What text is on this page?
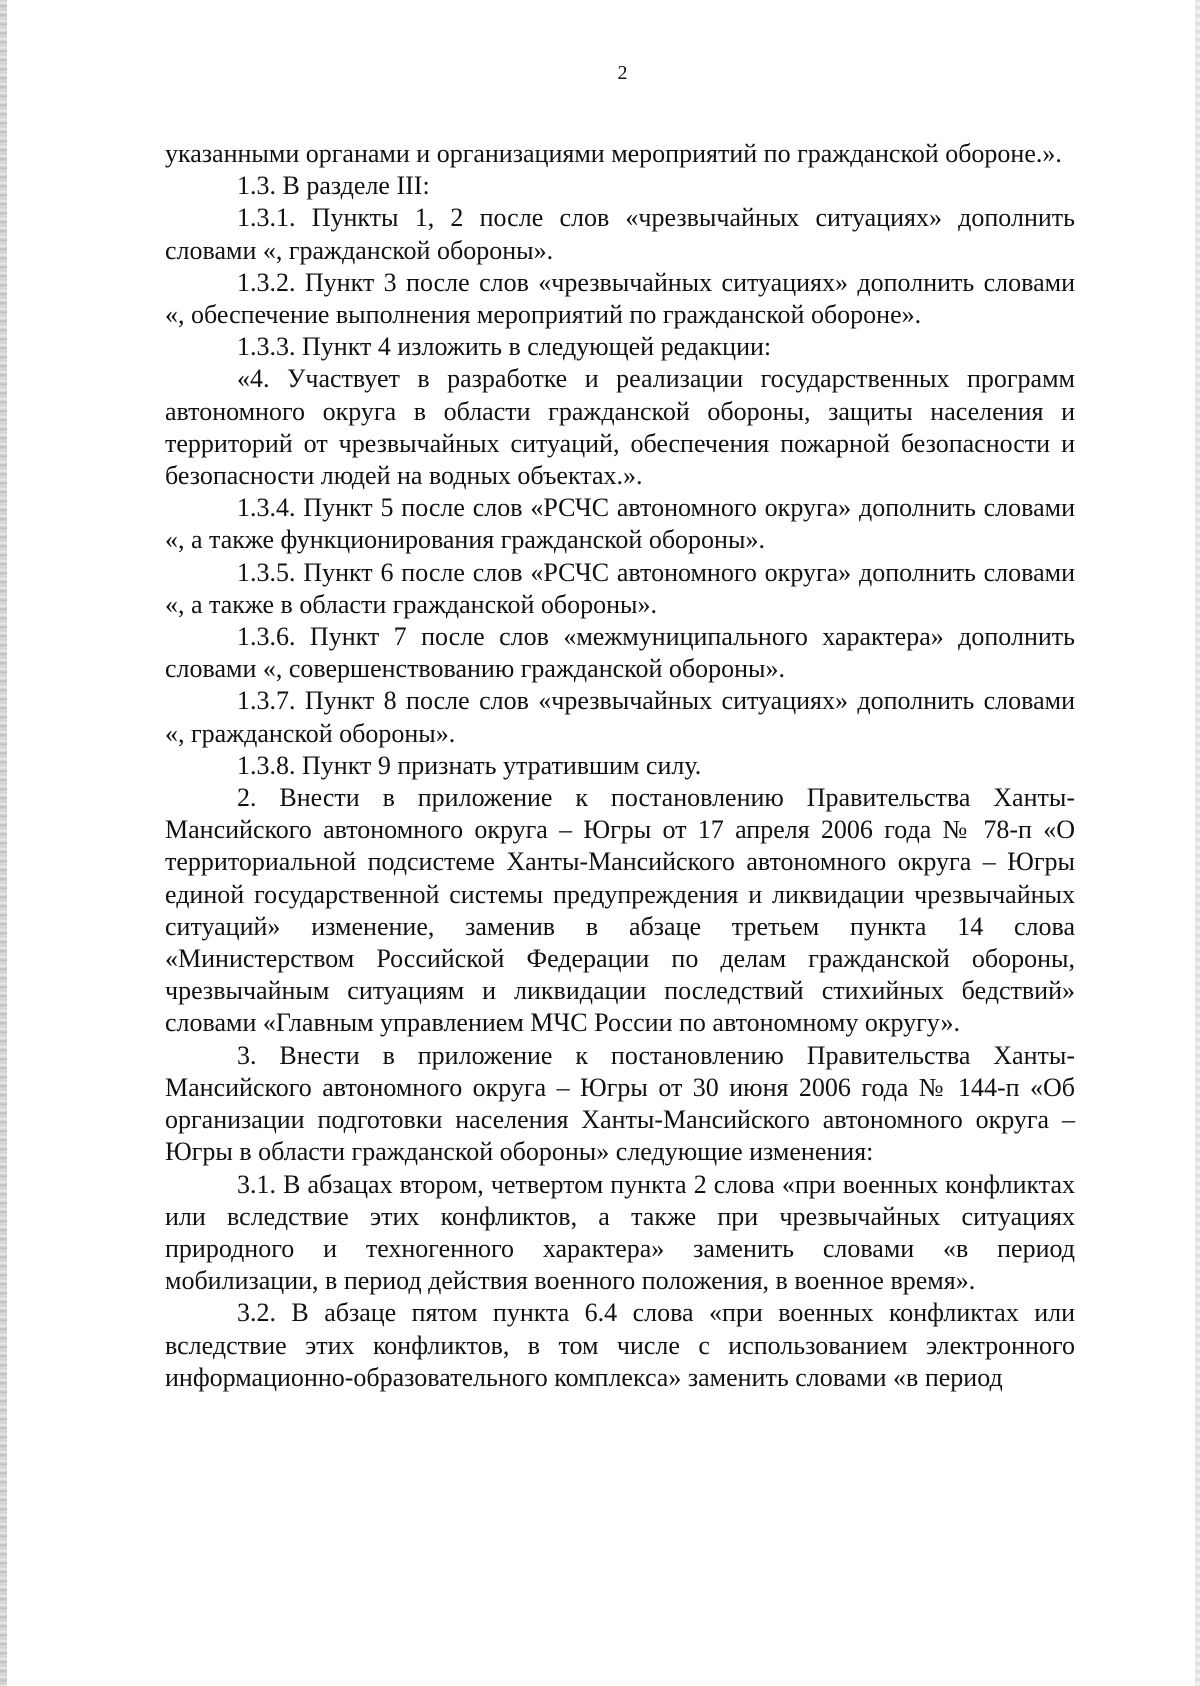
2

указанными органами и организациями мероприятий по гражданской обороне.».

1.3. В разделе III:

1.3.1. Пункты 1, 2 после слов «чрезвычайных ситуациях» дополнить словами «, гражданской обороны».

1.3.2. Пункт 3 после слов «чрезвычайных ситуациях» дополнить словами «, обеспечение выполнения мероприятий по гражданской обороне».

1.3.3. Пункт 4 изложить в следующей редакции:

«4. Участвует в разработке и реализации государственных программ автономного округа в области гражданской обороны, защиты населения и территорий от чрезвычайных ситуаций, обеспечения пожарной безопасности и безопасности людей на водных объектах.».

1.3.4. Пункт 5 после слов «РСЧС автономного округа» дополнить словами «, а также функционирования гражданской обороны».

1.3.5. Пункт 6 после слов «РСЧС автономного округа» дополнить словами «, а также в области гражданской обороны».

1.3.6. Пункт 7 после слов «межмуниципального характера» дополнить словами «, совершенствованию гражданской обороны».

1.3.7. Пункт 8 после слов «чрезвычайных ситуациях» дополнить словами «, гражданской обороны».

1.3.8. Пункт 9 признать утратившим силу.

2. Внести в приложение к постановлению Правительства Ханты-Мансийского автономного округа – Югры от 17 апреля 2006 года № 78-п «О территориальной подсистеме Ханты-Мансийского автономного округа – Югры единой государственной системы предупреждения и ликвидации чрезвычайных ситуаций» изменение, заменив в абзаце третьем пункта 14 слова «Министерством Российской Федерации по делам гражданской обороны, чрезвычайным ситуациям и ликвидации последствий стихийных бедствий» словами «Главным управлением МЧС России по автономному округу».

3. Внести в приложение к постановлению Правительства Ханты-Мансийского автономного округа – Югры от 30 июня 2006 года № 144-п «Об организации подготовки населения Ханты-Мансийского автономного округа – Югры в области гражданской обороны» следующие изменения:

3.1. В абзацах втором, четвертом пункта 2 слова «при военных конфликтах или вследствие этих конфликтов, а также при чрезвычайных ситуациях природного и техногенного характера» заменить словами «в период мобилизации, в период действия военного положения, в военное время».

3.2. В абзаце пятом пункта 6.4 слова «при военных конфликтах или вследствие этих конфликтов, в том числе с использованием электронного информационно-образовательного комплекса» заменить словами «в период
